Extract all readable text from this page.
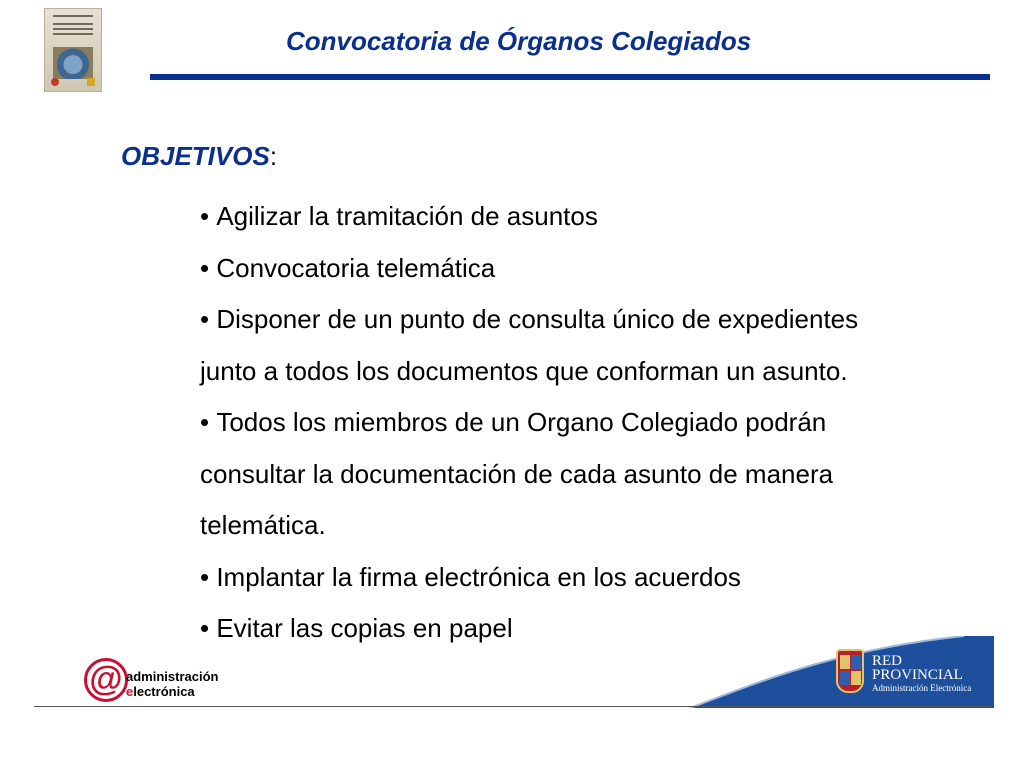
Convocatoria de Órganos Colegiados
OBJETIVOS:
• Agilizar la tramitación de asuntos
• Convocatoria telemática
• Disponer de un punto de consulta único de expedientes
junto a todos los documentos que conforman un asunto.
• Todos los miembros de un Organo Colegiado podrán
consultar la documentación de cada asunto de manera
telemática.
• Implantar la firma electrónica en los acuerdos
• Evitar las copias en papel
@ administración
electrónica
RED
PROVINCIAL
Administración Electrónica
